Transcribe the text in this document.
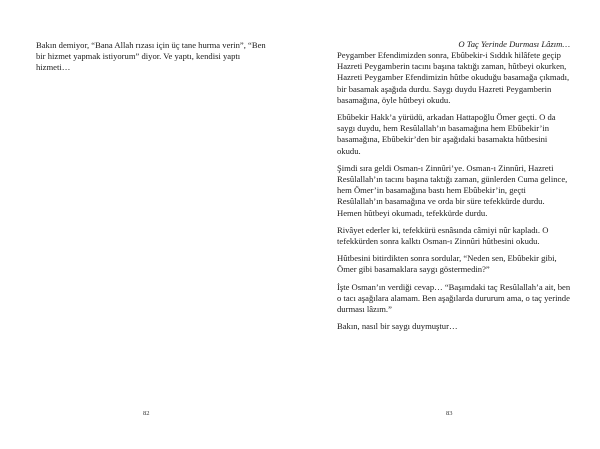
Bakın demiyor, “Bana Allah rızası için üç tane hurma verin”, “Ben bir hizmet yapmak istiyorum” diyor. Ve yaptı, kendisi yaptı hizmeti…

82
O Taç Yerinde Durması Lâzım…

Peygamber Efendimizden sonra, Ebûbekir-i Sıddık hilâfete geçip Hazreti Peygamberin tacını başına taktığı zaman, hûtbeyi okurken, Hazreti Peygamber Efendimizin hûtbe okuduğu basamağa çıkmadı, bir basamak aşağıda durdu. Saygı duydu Hazreti Peygamberin basamağına, öyle hûtbeyi okudu.

Ebûbekir Hakk’a yürüdü, arkadan Hattapoğlu Ömer geçti. O da saygı duydu, hem Resûlallah’ın basamağına hem Ebûbekir’in basamağına, Ebûbekir’den bir aşağıdaki basamakta hûtbesini okudu.

Şimdi sıra geldi Osman-ı Zinnûri’ye. Osman-ı Zinnûri, Hazreti Resûlallah’ın tacını başına taktığı zaman, günlerden Cuma gelince, hem Ömer’in basamağına bastı hem Ebûbekir’in, geçti Resûlallah’ın basamağına ve orda bir süre tefekkürde durdu. Hemen hûtbeyi okumadı, tefekkürde durdu.

Rivâyet ederler ki, tefekkürü esnâsında câmiyi nûr kapladı. O tefekkürden sonra kalktı Osman-ı Zinnûri hûtbesini okudu.

Hûtbesini bitirdikten sonra sordular, “Neden sen, Ebûbekir gibi, Ömer gibi basamaklara saygı göstermedin?”

İşte Osman’ın verdiği cevap… “Başımdaki taç Resûlallah’a ait, ben o tacı aşağılara alamam. Ben aşağılarda dururum ama, o taç yerinde durması lâzım.”

Bakın, nasıl bir saygı duymuştur…

83
